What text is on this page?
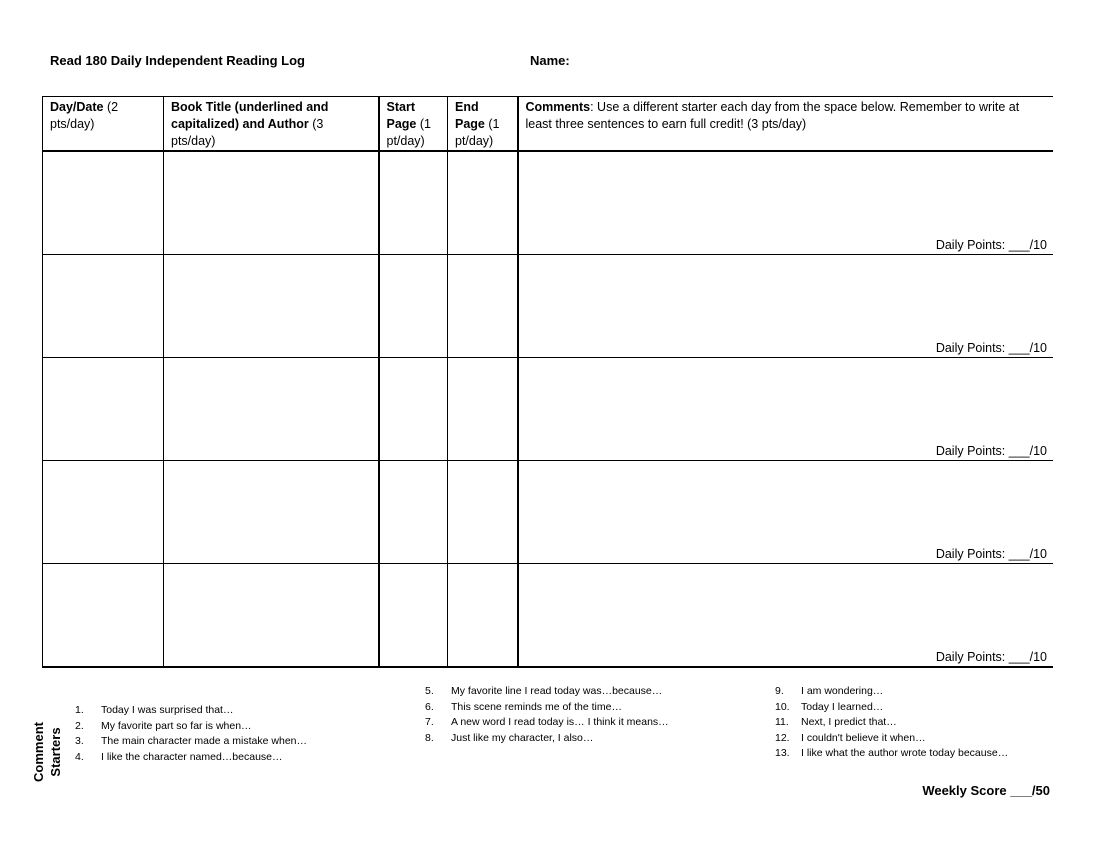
Read 180 Daily Independent Reading Log	Name:
Day/Date (2 pts/day)	Book Title (underlined and capitalized) and Author (3 pts/day)	Start Page (1 pt/day)	End Page (1 pt/day)	Comments: Use a different starter each day from the space below. Remember to write at least three sentences to earn full credit! (3 pts/day)

				Daily Points: ___/10

				Daily Points: ___/10

				Daily Points: ___/10

				Daily Points: ___/10

				Daily Points: ___/10
Comment Starters
1. Today I was surprised that…
2. My favorite part so far is when…
3. The main character made a mistake when…
4. I like the character named…because…
5. My favorite line I read today was…because…
6. This scene reminds me of the time…
7. A new word I read today is… I think it means…
8. Just like my character, I also…
9. I am wondering…
10. Today I learned…
11. Next, I predict that…
12. I couldn't believe it when…
13. I like what the author wrote today because…
Weekly Score ___/50
